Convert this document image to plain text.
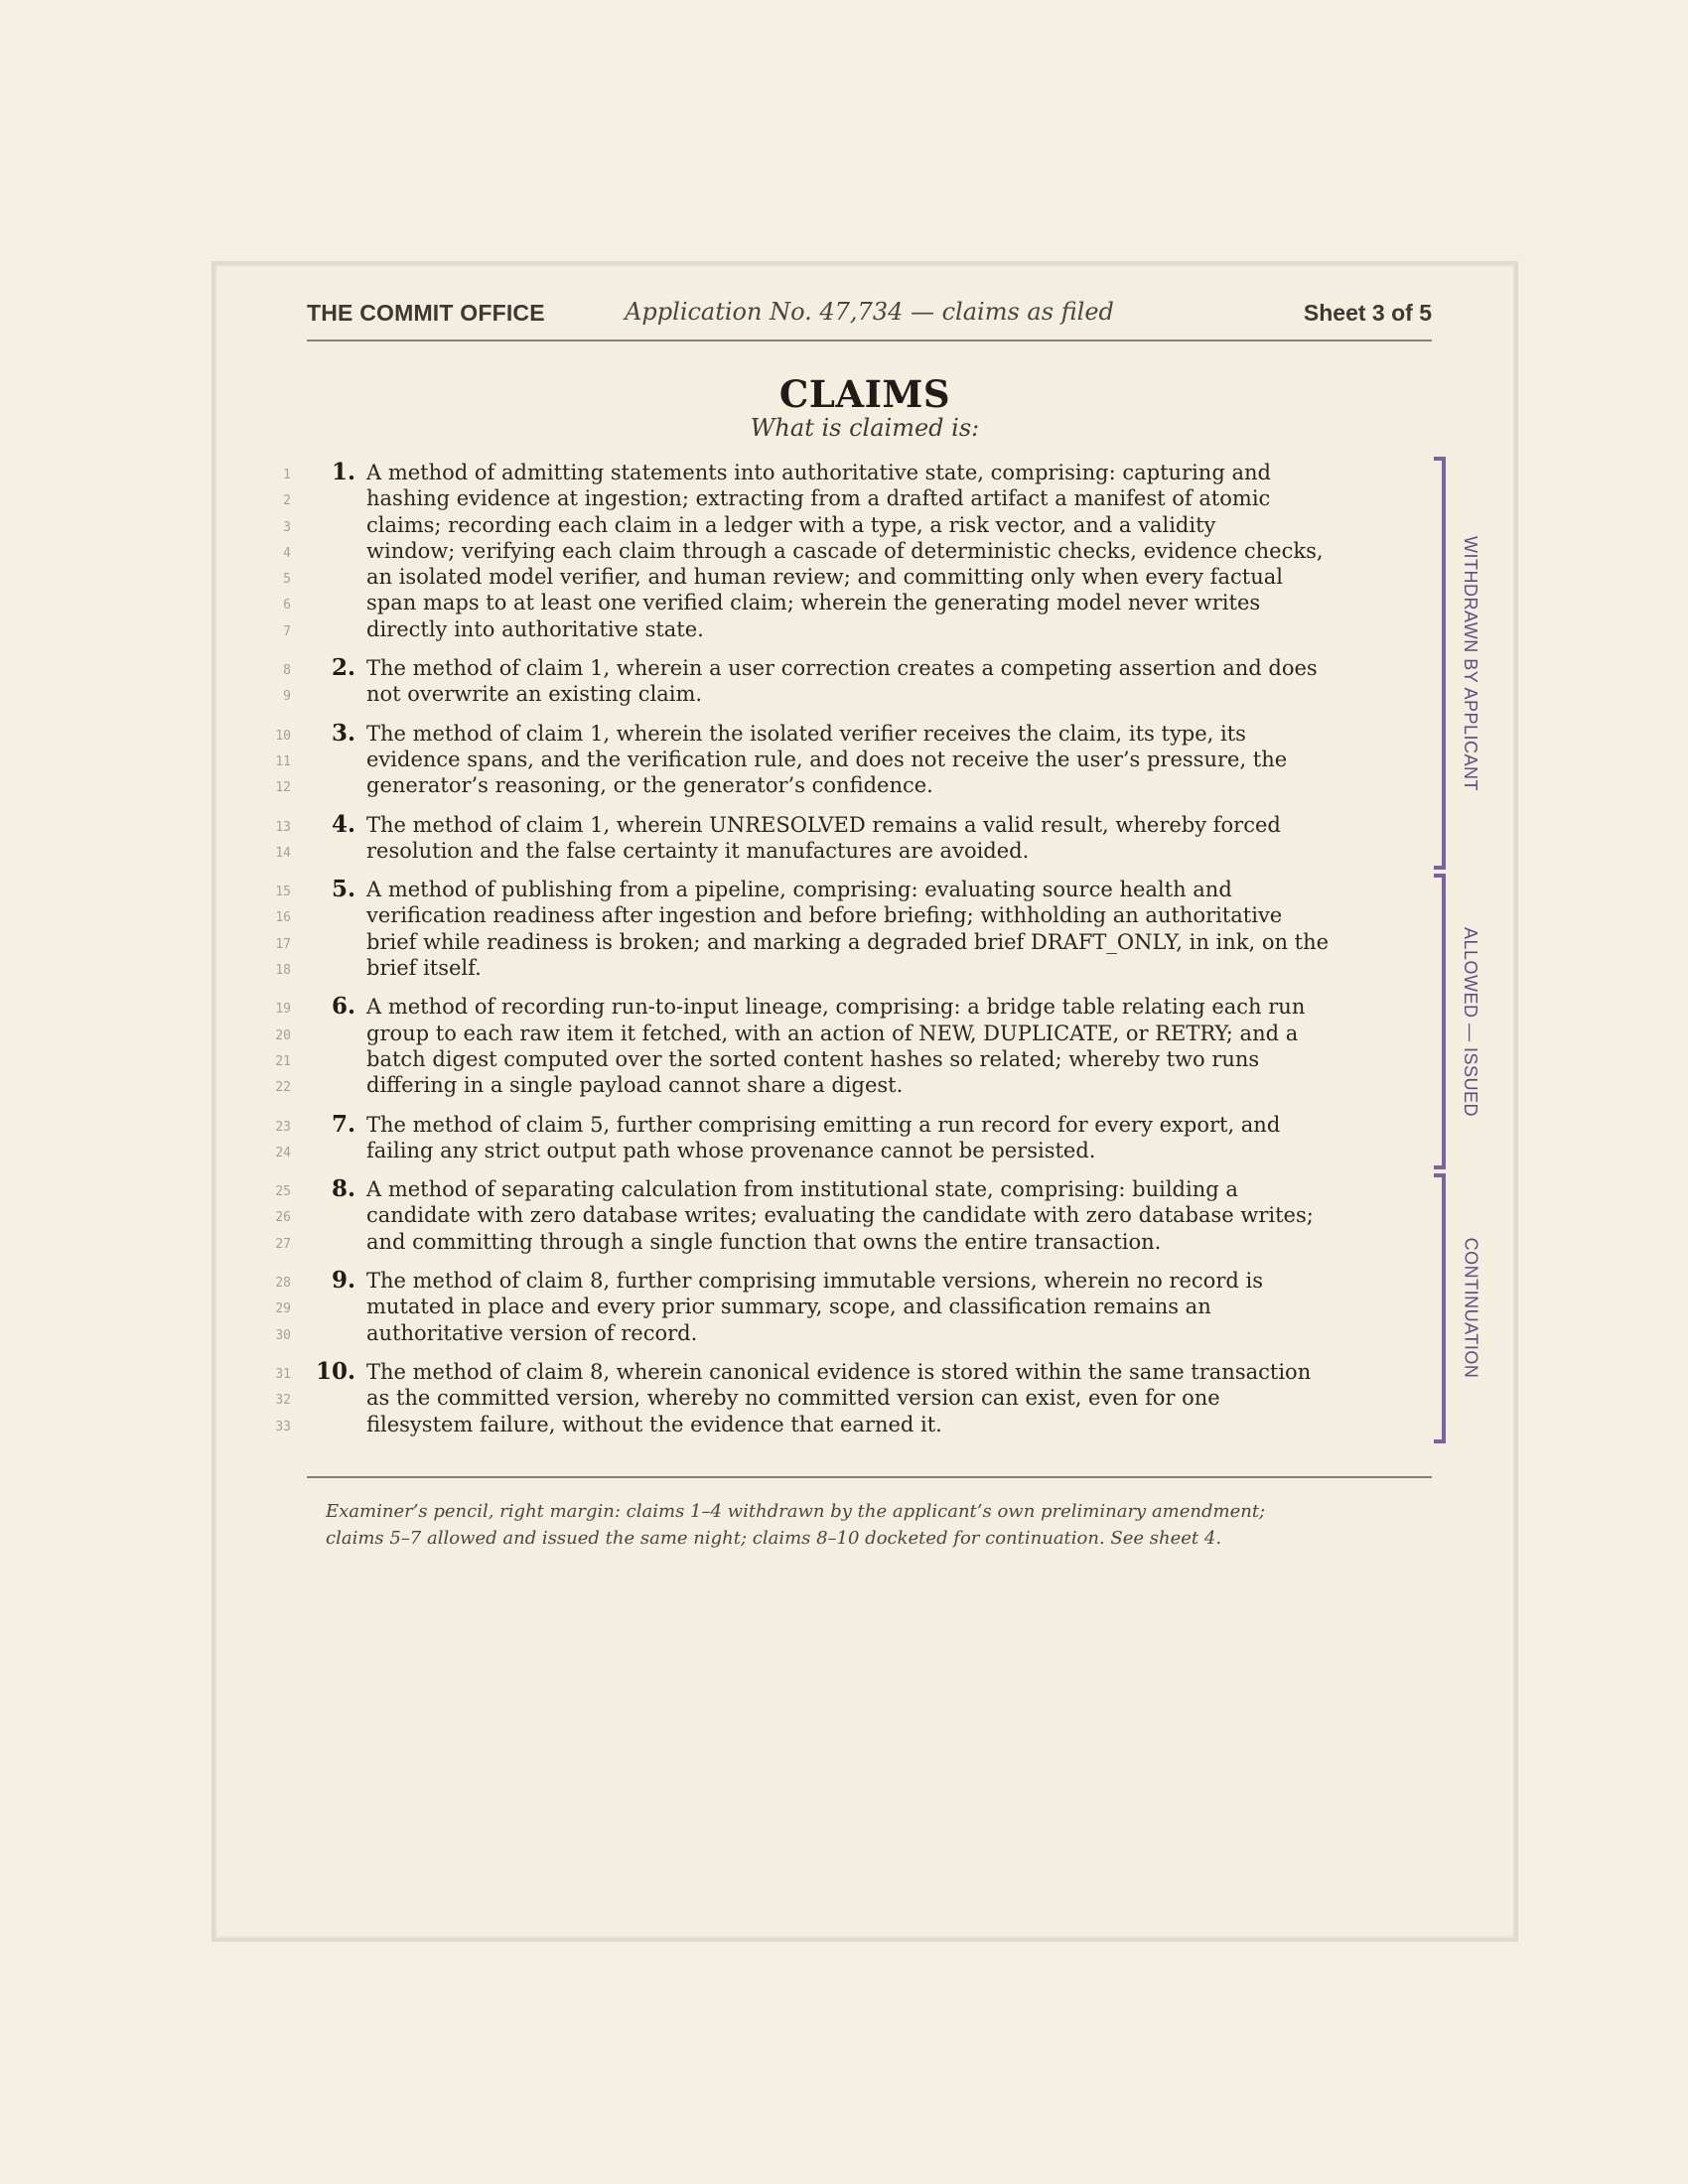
THE COMMIT OFFICE	Application No. 47,734 — claims as filed	Sheet 3 of 5
CLAIMS
What is claimed is:
1	1. A method of admitting statements into authoritative state, comprising: capturing and
2	hashing evidence at ingestion; extracting from a drafted artifact a manifest of atomic
3	claims; recording each claim in a ledger with a type, a risk vector, and a validity
4	window; verifying each claim through a cascade of deterministic checks, evidence checks,
5	an isolated model verifier, and human review; and committing only when every factual
6	span maps to at least one verified claim; wherein the generating model never writes
7	directly into authoritative state.
8	2. The method of claim 1, wherein a user correction creates a competing assertion and does
9	not overwrite an existing claim.
10	3. The method of claim 1, wherein the isolated verifier receives the claim, its type, its
11	evidence spans, and the verification rule, and does not receive the user’s pressure, the
12	generator’s reasoning, or the generator’s confidence.
13	4. The method of claim 1, wherein UNRESOLVED remains a valid result, whereby forced
14	resolution and the false certainty it manufactures are avoided.
15	5. A method of publishing from a pipeline, comprising: evaluating source health and
16	verification readiness after ingestion and before briefing; withholding an authoritative
17	brief while readiness is broken; and marking a degraded brief DRAFT_ONLY, in ink, on the
18	brief itself.
19	6. A method of recording run-to-input lineage, comprising: a bridge table relating each run
20	group to each raw item it fetched, with an action of NEW, DUPLICATE, or RETRY; and a
21	batch digest computed over the sorted content hashes so related; whereby two runs
22	differing in a single payload cannot share a digest.
23	7. The method of claim 5, further comprising emitting a run record for every export, and
24	failing any strict output path whose provenance cannot be persisted.
25	8. A method of separating calculation from institutional state, comprising: building a
26	candidate with zero database writes; evaluating the candidate with zero database writes;
27	and committing through a single function that owns the entire transaction.
28	9. The method of claim 8, further comprising immutable versions, wherein no record is
29	mutated in place and every prior summary, scope, and classification remains an
30	authoritative version of record.
31	10. The method of claim 8, wherein canonical evidence is stored within the same transaction
32	as the committed version, whereby no committed version can exist, even for one
33	filesystem failure, without the evidence that earned it.
WITHDRAWN BY APPLICANT
ALLOWED — ISSUED
CONTINUATION
Examiner’s pencil, right margin: claims 1–4 withdrawn by the applicant’s own preliminary amendment;
claims 5–7 allowed and issued the same night; claims 8–10 docketed for continuation. See sheet 4.
